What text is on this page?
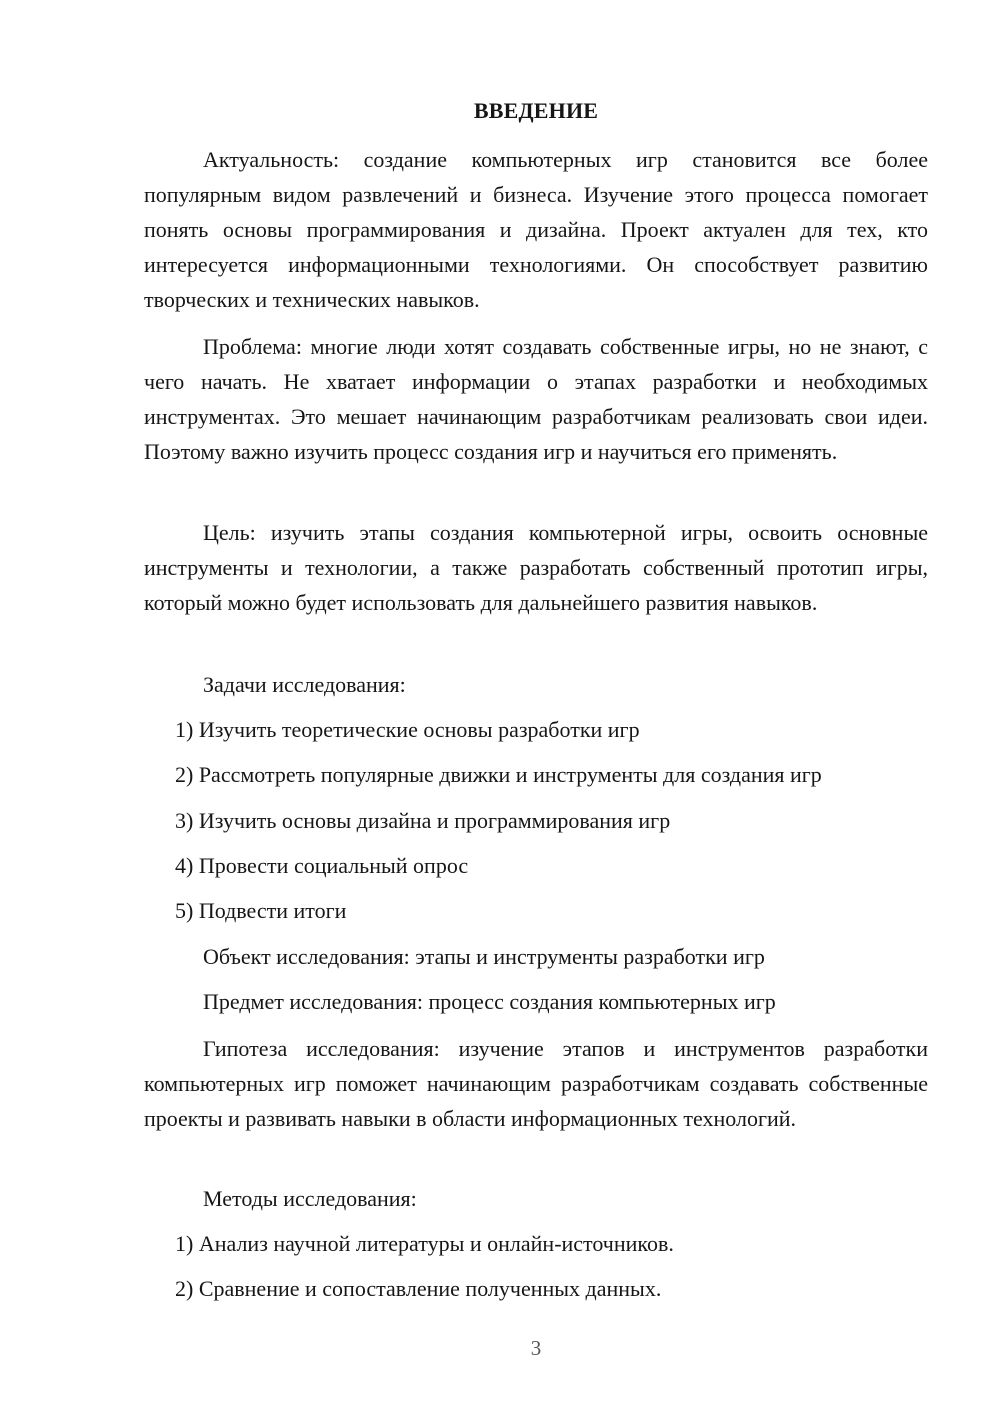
ВВЕДЕНИЕ

Актуальность: создание компьютерных игр становится все более популярным видом развлечений и бизнеса. Изучение этого процесса помогает понять основы программирования и дизайна. Проект актуален для тех, кто интересуется информационными технологиями. Он способствует развитию творческих и технических навыков.

Проблема: многие люди хотят создавать собственные игры, но не знают, с чего начать. Не хватает информации о этапах разработки и необходимых инструментах. Это мешает начинающим разработчикам реализовать свои идеи. Поэтому важно изучить процесс создания игр и научиться его применять.

Цель: изучить этапы создания компьютерной игры, освоить основные инструменты и технологии, а также разработать собственный прототип игры, который можно будет использовать для дальнейшего развития навыков.

Задачи исследования:
1) Изучить теоретические основы разработки игр
2) Рассмотреть популярные движки и инструменты для создания игр
3) Изучить основы дизайна и программирования игр
4) Провести социальный опрос
5) Подвести итоги
Объект исследования: этапы и инструменты разработки игр
Предмет исследования: процесс создания компьютерных игр

Гипотеза исследования: изучение этапов и инструментов разработки компьютерных игр поможет начинающим разработчикам создавать собственные проекты и развивать навыки в области информационных технологий.

Методы исследования:
1) Анализ научной литературы и онлайн-источников.
2) Сравнение и сопоставление полученных данных.
3
